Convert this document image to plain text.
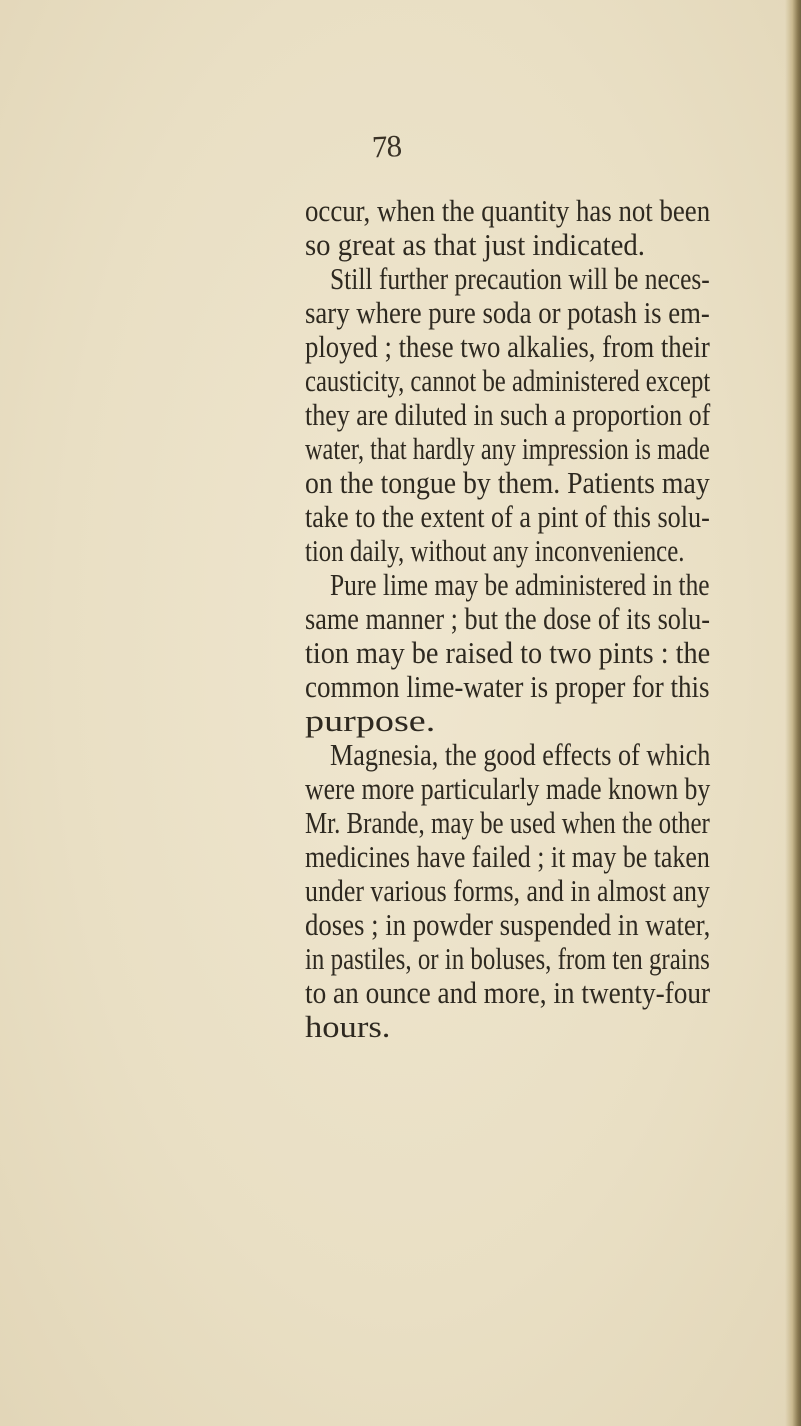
78
occur, when the quantity has not been
so great as that just indicated.
Still further precaution will be neces-
sary where pure soda or potash is em-
ployed ; these two alkalies, from their
causticity, cannot be administered except
they are diluted in such a proportion of
water, that hardly any impression is made
on the tongue by them. Patients may
take to the extent of a pint of this solu-
tion daily, without any inconvenience.
Pure lime may be administered in the
same manner ; but the dose of its solu-
tion may be raised to two pints : the
common lime-water is proper for this
purpose.
Magnesia, the good effects of which
were more particularly made known by
Mr. Brande, may be used when the other
medicines have failed ; it may be taken
under various forms, and in almost any
doses ; in powder suspended in water,
in pastiles, or in boluses, from ten grains
to an ounce and more, in twenty-four
hours.
